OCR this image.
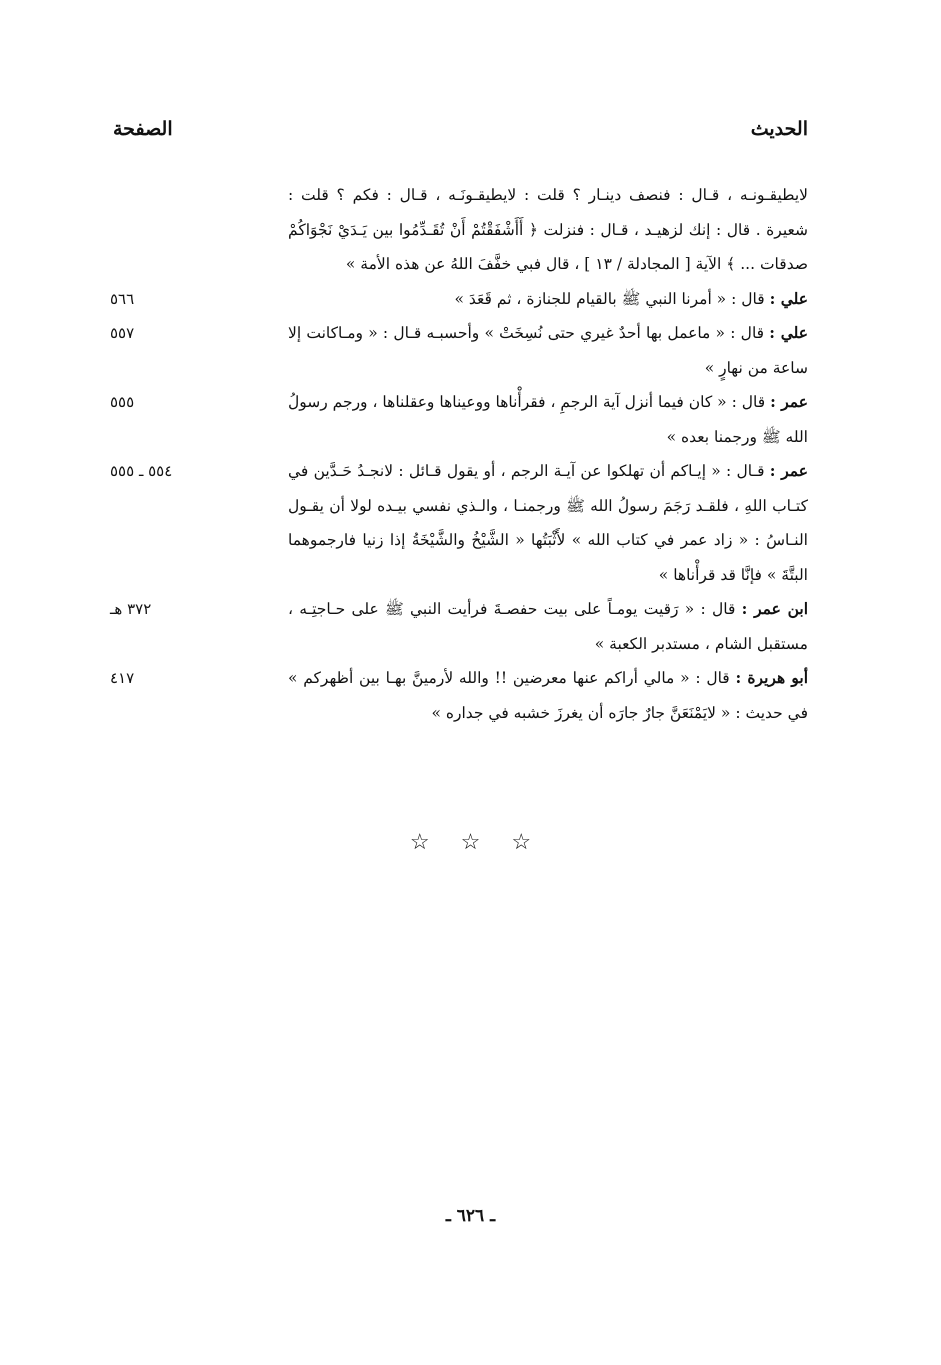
الحديث
الصفحة
لايطيقـونـه ، قـال : فنصف دينـار ؟ قلت : لايطيقـونَـه ، قـال : فكم ؟ قلت : شعيرة . قال : إنك لزهيـد ، قـال : فنزلت ﴿ أَأَشْفَقْتُمْ أَنْ تُقَـدِّمُوا بين يَـدَيْ نَجْوَاكُمْ صدقات ... ﴾ الآية [ المجادلة / ١٣ ] ، قال فبي خفَّفَ اللهُ عن هذه الأمة »
علي : قال : « أمرنا النبي ﷺ بالقيام للجنازة ، ثم قَعَدَ »
٥٦٦
علي : قال : « ماعمل بها أحدٌ غيري حتى نُسِخَتْ » وأحسبـه قـال : « ومـاكانت إلا ساعة من نهارٍ »
٥٥٧
عمر : قال : « كان فيما أنزل آية الرجمِ ، فقرأْناها ووعيناها وعقلناها ، ورجم رسولُ الله ﷺ ورجمنا بعده »
٥٥٥
عمر : قـال : « إيـاكم أن تهلكوا عن آيـة الرجم ، أو يقول قـائل : لانجـدُ حَـدَّين في كتـاب اللهِ ، فلقـد رَجَمَ رسولُ الله ﷺ ورجمنـا ، والـذي نفسي بيـده لولا أن يقـول النـاسُ : « زاد عمر في كتاب الله » لأَثْبَتُها « الشَّيْخُ والشَّيْخَةُ إذا زنيا فارجموهما البتَّةَ » فإنَّا قد قرأْناها »
٥٥٤ ـ ٥٥٥
ابن عمر : قال : « رَقيت يومـاً على بيت حفصـةَ فرأيت النبي ﷺ على حـاجتِـه ، مستقبل الشام ، مستدبر الكعبة »
٣٧٢ هـ
أبو هريرة : قال : « مالي أراكم عنها معرضين !! والله لأرمينَّ بهـا بين أظهركم » في حديث : « لايَمْنَعَنَّ جارٌ جارَه أن يغرزَ خشبه في جداره »
٤١٧
☆ ☆ ☆
ـ ٦٢٦ ـ
